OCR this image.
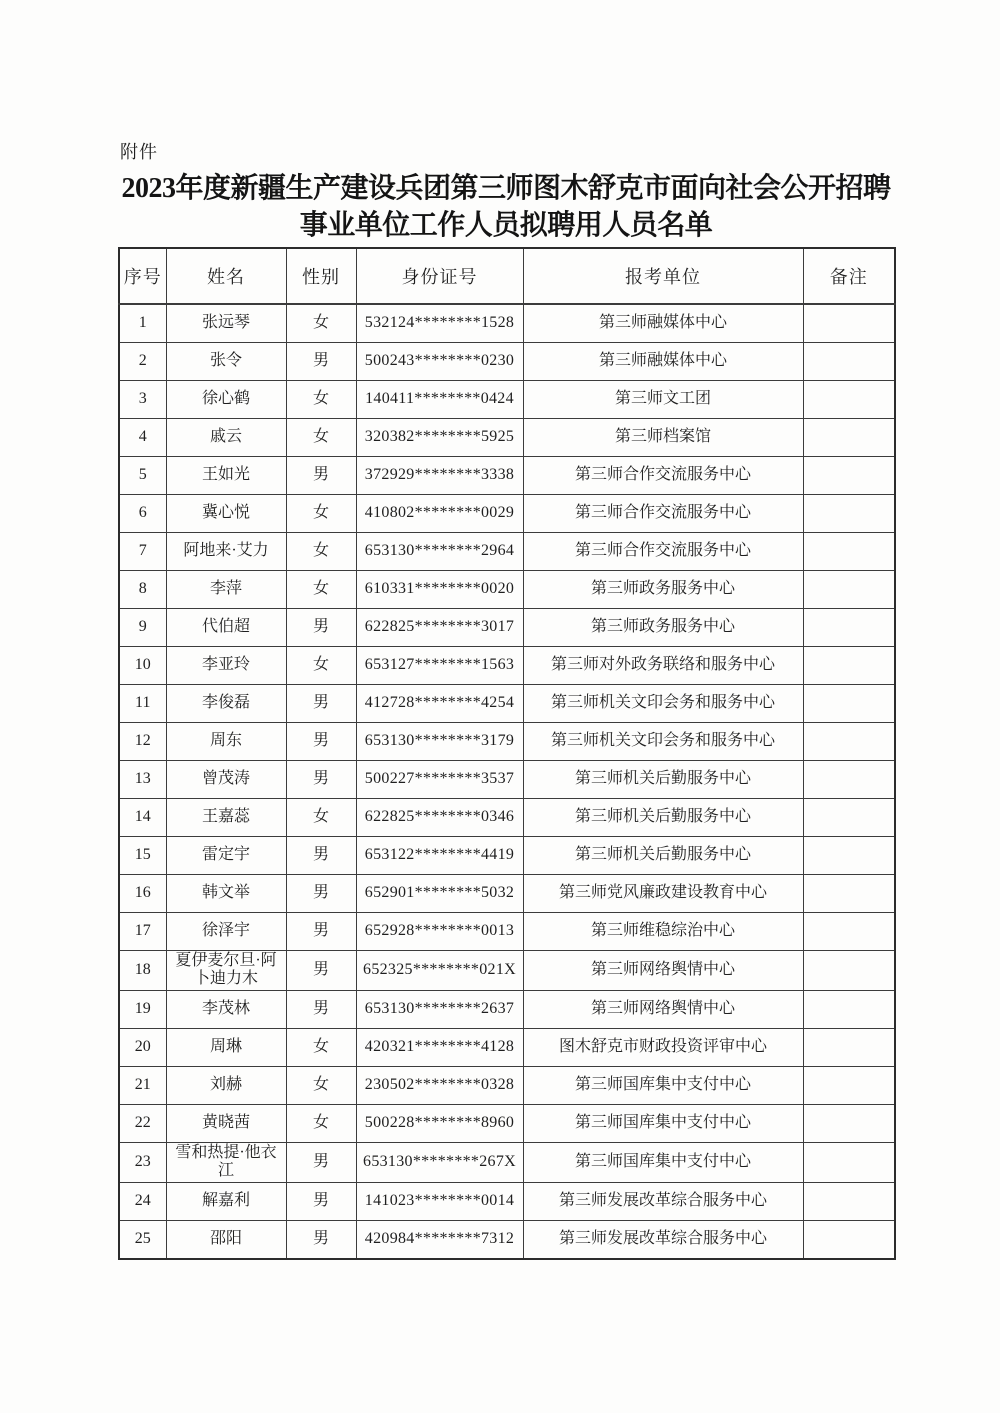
附件
2023年度新疆生产建设兵团第三师图木舒克市面向社会公开招聘
事业单位工作人员拟聘用人员名单
序号	姓名	性别	身份证号	报考单位	备注
1	张远琴	女	532124********1528	第三师融媒体中心	
2	张令	男	500243********0230	第三师融媒体中心	
3	徐心鹤	女	140411********0424	第三师文工团	
4	戚云	女	320382********5925	第三师档案馆	
5	王如光	男	372929********3338	第三师合作交流服务中心	
6	冀心悦	女	410802********0029	第三师合作交流服务中心	
7	阿地来·艾力	女	653130********2964	第三师合作交流服务中心	
8	李萍	女	610331********0020	第三师政务服务中心	
9	代伯超	男	622825********3017	第三师政务服务中心	
10	李亚玲	女	653127********1563	第三师对外政务联络和服务中心	
11	李俊磊	男	412728********4254	第三师机关文印会务和服务中心	
12	周东	男	653130********3179	第三师机关文印会务和服务中心	
13	曾茂涛	男	500227********3537	第三师机关后勤服务中心	
14	王嘉蕊	女	622825********0346	第三师机关后勤服务中心	
15	雷定宇	男	653122********4419	第三师机关后勤服务中心	
16	韩文举	男	652901********5032	第三师党风廉政建设教育中心	
17	徐泽宇	男	652928********0013	第三师维稳综治中心	
18	夏伊麦尔旦·阿卜迪力木	男	652325********021X	第三师网络舆情中心	
19	李茂林	男	653130********2637	第三师网络舆情中心	
20	周琳	女	420321********4128	图木舒克市财政投资评审中心	
21	刘赫	女	230502********0328	第三师国库集中支付中心	
22	黄晓茜	女	500228********8960	第三师国库集中支付中心	
23	雪和热提·他衣江	男	653130********267X	第三师国库集中支付中心	
24	解嘉利	男	141023********0014	第三师发展改革综合服务中心	
25	邵阳	男	420984********7312	第三师发展改革综合服务中心	
